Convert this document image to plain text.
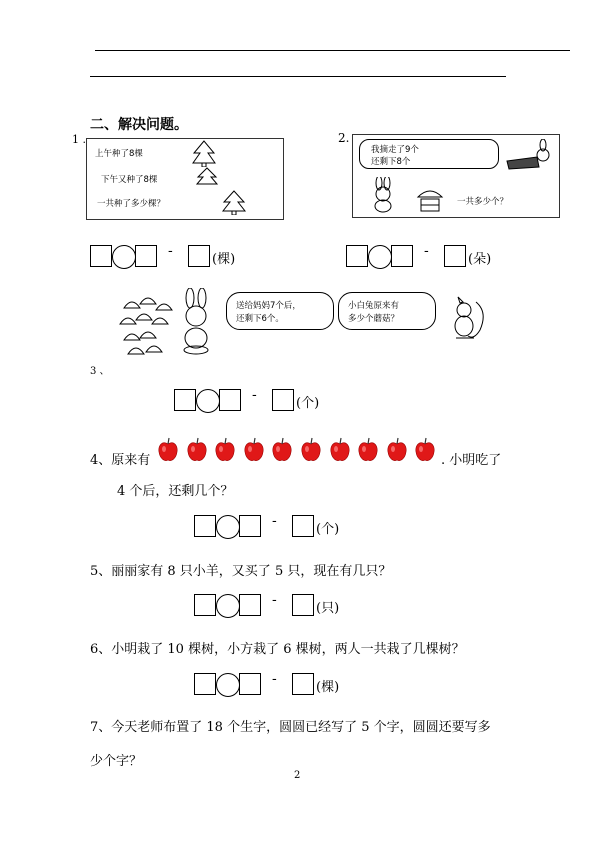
二、解决问题。
1 .
上午种了8棵
下午又种了8棵
一共种了多少棵？
2.
我摘走了9个
还剩下8个
一共多少个？
-
(棵)
-
(朵)
送给妈妈7个后，
还剩下6个。
小白兔原来有
多少个蘑菇？
3 、
-
(个)
4、原来有	. 小明吃了
4 个后，还剩几个？
-
(个)
5、丽丽家有 8 只小羊，又买了 5 只，现在有几只？
-
(只)
6、小明栽了 10 棵树，小方栽了 6 棵树，两人一共栽了几棵树？
-
(棵)
7、今天老师布置了 18 个生字，圆圆已经写了 5 个字，圆圆还要写多
少个字？
2
